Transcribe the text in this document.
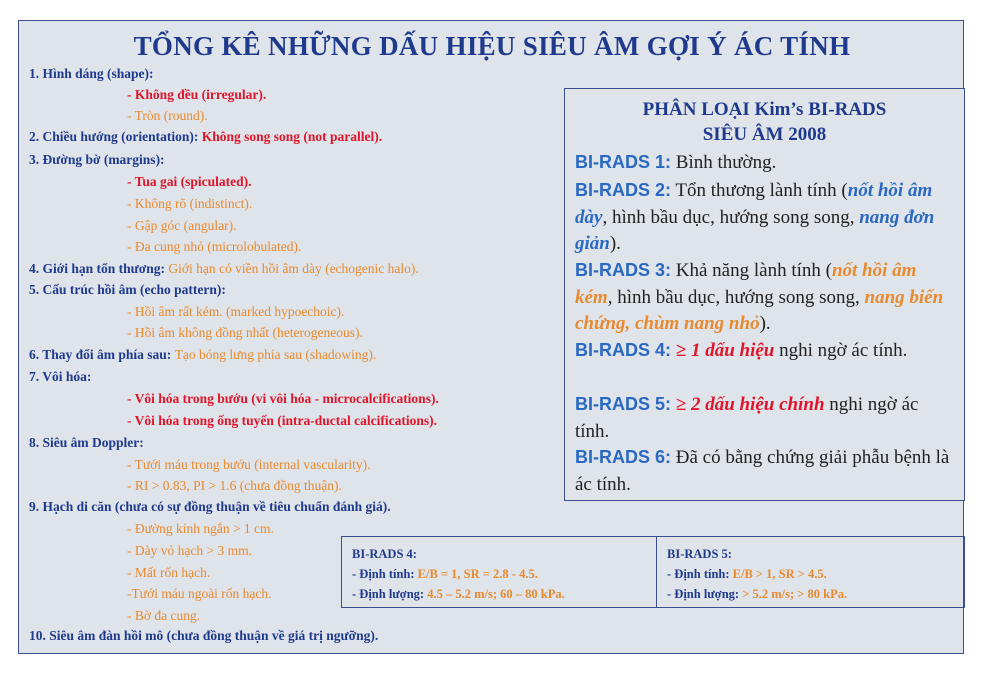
TỔNG KÊ NHỮNG DẤU HIỆU SIÊU ÂM GỢI Ý ÁC TÍNH
1. Hình dáng (shape):
- Không đều (irregular).
- Tròn (round).
2. Chiều hướng (orientation): Không song song (not parallel).
3. Đường bờ (margins):
- Tua gai (spiculated).
- Không rõ (indistinct).
- Gập góc (angular).
- Đa cung nhỏ (microlobulated).
4. Giới hạn tổn thương: Giới hạn có viền hồi âm dày (echogenic halo).
5. Cấu trúc hồi âm (echo pattern):
- Hồi âm rất kém. (marked hypoechoic).
- Hồi âm không đồng nhất (heterogeneous).
6. Thay đổi âm phía sau: Tạo bóng lưng phía sau (shadowing).
7. Vôi hóa:
- Vôi hóa trong bướu (vi vôi hóa - microcalcifications).
- Vôi hóa trong ống tuyến (intra-ductal calcifications).
8. Siêu âm Doppler:
- Tưới máu trong bướu (internal vascularity).
- RI > 0.83, PI > 1.6 (chưa đồng thuận).
9. Hạch di căn (chưa có sự đồng thuận về tiêu chuẩn đánh giá).
- Đường kính ngắn > 1 cm.
- Dày vỏ hạch > 3 mm.
- Mất rốn hạch.
-Tưới máu ngoài rốn hạch.
- Bờ đa cung.
10. Siêu âm đàn hồi mô (chưa đồng thuận về giá trị ngưỡng).
PHÂN LOẠI Kim’s BI-RADS
SIÊU ÂM 2008
BI-RADS 1: Bình thường.
BI-RADS 2: Tổn thương lành tính (nốt hồi âm dày, hình bầu dục, hướng song song, nang đơn giản).
BI-RADS 3: Khả năng lành tính (nốt hồi âm kém, hình bầu dục, hướng song song, nang biến chứng, chùm nang nhỏ).
BI-RADS 4: ≥ 1 dấu hiệu nghi ngờ ác tính.
BI-RADS 5: ≥ 2 dấu hiệu chính nghi ngờ ác tính.
BI-RADS 6: Đã có bằng chứng giải phẫu bệnh là ác tính.
BI-RADS 4:
- Định tính: E/B = 1, SR = 2.8 - 4.5.
- Định lượng: 4.5 – 5.2 m/s; 60 – 80 kPa.
BI-RADS 5:
- Định tính: E/B > 1, SR > 4.5.
- Định lượng: > 5.2 m/s; > 80 kPa.
